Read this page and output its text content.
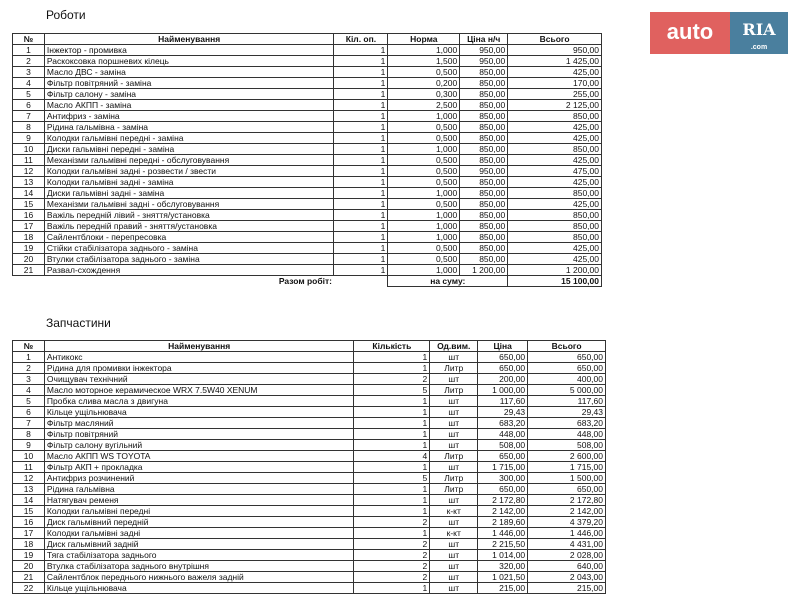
auto	RIA
.com
Роботи
№	Найменування	Кіл. оп.	Норма	Ціна н/ч	Всього
1	Інжектор - промивка	1	1,000	950,00	950,00
2	Раскоксовка поршневих кілець	1	1,500	950,00	1 425,00
3	Масло ДВС - заміна	1	0,500	850,00	425,00
4	Фільтр повітряний - заміна	1	0,200	850,00	170,00
5	Фільтр салону - заміна	1	0,300	850,00	255,00
6	Масло АКПП - заміна	1	2,500	850,00	2 125,00
7	Антифриз - заміна	1	1,000	850,00	850,00
8	Рідина гальмівна - заміна	1	0,500	850,00	425,00
9	Колодки гальмівні передні - заміна	1	0,500	850,00	425,00
10	Диски гальмівні передні - заміна	1	1,000	850,00	850,00
11	Механізми гальмівні передні - обслуговування	1	0,500	850,00	425,00
12	Колодки гальмівні задні - розвести / звести	1	0,500	950,00	475,00
13	Колодки гальмівні задні - заміна	1	0,500	850,00	425,00
14	Диски гальмівні задні - заміна	1	1,000	850,00	850,00
15	Механізми гальмівні задні - обслуговування	1	0,500	850,00	425,00
16	Важіль передній лівий - зняття/установка	1	1,000	850,00	850,00
17	Важіль передній правий - зняття/установка	1	1,000	850,00	850,00
18	Сайлентблоки - перепресовка	1	1,000	850,00	850,00
19	Стійки стабілізатора заднього - заміна	1	0,500	850,00	425,00
20	Втулки стабілізатора заднього - заміна	1	0,500	850,00	425,00
21	Развал-схождення	1	1,000	1 200,00	1 200,00
	Разом робіт:		на суму:		15 100,00
Запчастини
№	Найменування	Кількість	Од.вим.	Ціна	Всього
1	Антикокс	1	шт	650,00	650,00
2	Рідина для промивки інжектора	1	Литр	650,00	650,00
3	Очищувач технічний	2	шт	200,00	400,00
4	Масло моторное керамическое WRX 7.5W40 XENUM	5	Литр	1 000,00	5 000,00
5	Пробка слива масла з двигуна	1	шт	117,60	117,60
6	Кільце ущільнювача	1	шт	29,43	29,43
7	Фільтр масляний	1	шт	683,20	683,20
8	Фільтр повітряний	1	шт	448,00	448,00
9	Фільтр салону вугільний	1	шт	508,00	508,00
10	Масло АКПП WS TOYOTA	4	Литр	650,00	2 600,00
11	Фільтр АКП + прокладка	1	шт	1 715,00	1 715,00
12	Антифриз розчинений	5	Литр	300,00	1 500,00
13	Рідина гальмівна	1	Литр	650,00	650,00
14	Натягувач ременя	1	шт	2 172,80	2 172,80
15	Колодки гальмівні передні	1	к-кт	2 142,00	2 142,00
16	Диск гальмівний передній	2	шт	2 189,60	4 379,20
17	Колодки гальмівні задні	1	к-кт	1 446,00	1 446,00
18	Диск гальмівний задній	2	шт	2 215,50	4 431,00
19	Тяга стабілізатора заднього	2	шт	1 014,00	2 028,00
20	Втулка стабілізатора заднього внутрішня	2	шт	320,00	640,00
21	Сайлентблок переднього нижнього важеля задній	2	шт	1 021,50	2 043,00
22	Кільце ущільнювача	1	шт	215,00	215,00
